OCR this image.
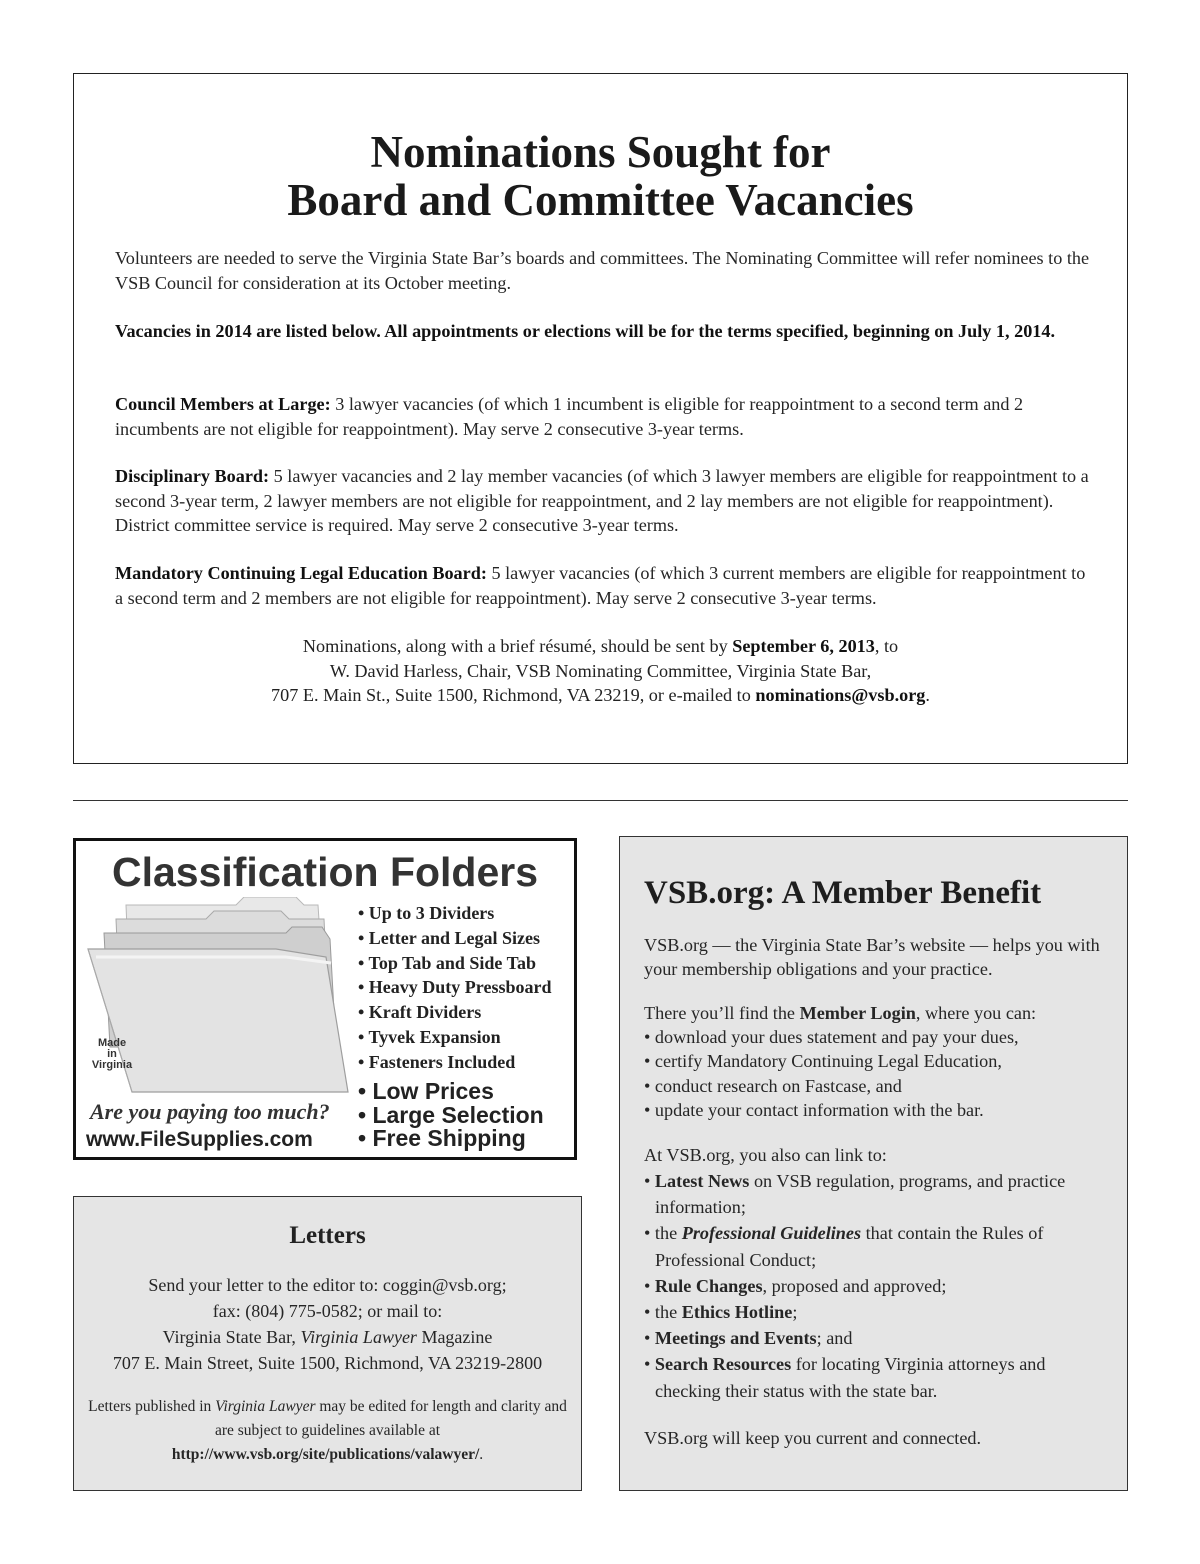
Nominations Sought for
Board and Committee Vacancies

Volunteers are needed to serve the Virginia State Bar’s boards and committees. The Nominating Committee will refer nominees to the VSB Council for consideration at its October meeting.

Vacancies in 2014 are listed below. All appointments or elections will be for the terms specified, beginning on July 1, 2014.

Council Members at Large: 3 lawyer vacancies (of which 1 incumbent is eligible for reappointment to a second term and 2 incumbents are not eligible for reappointment). May serve 2 consecutive 3-year terms.

Disciplinary Board: 5 lawyer vacancies and 2 lay member vacancies (of which 3 lawyer members are eligible for reappointment to a second 3-year term, 2 lawyer members are not eligible for reappointment, and 2 lay members are not eligible for reappointment). District committee service is required. May serve 2 consecutive 3-year terms.

Mandatory Continuing Legal Education Board: 5 lawyer vacancies (of which 3 current members are eligible for reappointment to a second term and 2 members are not eligible for reappointment). May serve 2 consecutive 3-year terms.

Nominations, along with a brief résumé, should be sent by September 6, 2013, to
W. David Harless, Chair, VSB Nominating Committee, Virginia State Bar,
707 E. Main St., Suite 1500, Richmond, VA 23219, or e-mailed to nominations@vsb.org.

Classification Folders
• Up to 3 Dividers
• Letter and Legal Sizes
• Top Tab and Side Tab
• Heavy Duty Pressboard
• Kraft Dividers
• Tyvek Expansion
• Fasteners Included
Made
in
Virginia
• Low Prices
• Large Selection
• Free Shipping
Are you paying too much?
www.FileSupplies.com
Letters

Send your letter to the editor to: coggin@vsb.org;
fax: (804) 775-0582; or mail to:
Virginia State Bar, Virginia Lawyer Magazine
707 E. Main Street, Suite 1500, Richmond, VA 23219-2800

Letters published in Virginia Lawyer may be edited for length and clarity and are subject to guidelines available at
http://www.vsb.org/site/publications/valawyer/.

VSB.org: A Member Benefit

VSB.org — the Virginia State Bar’s website — helps you with your membership obligations and your practice.

There you’ll find the Member Login, where you can:

• download your dues statement and pay your dues,
• certify Mandatory Continuing Legal Education,
• conduct research on Fastcase, and
• update your contact information with the bar.

At VSB.org, you also can link to:

• Latest News on VSB regulation, programs, and practice information;
• the Professional Guidelines that contain the Rules of Professional Conduct;
• Rule Changes, proposed and approved;
• the Ethics Hotline;
• Meetings and Events; and
• Search Resources for locating Virginia attorneys and checking their status with the state bar.

VSB.org will keep you current and connected.
